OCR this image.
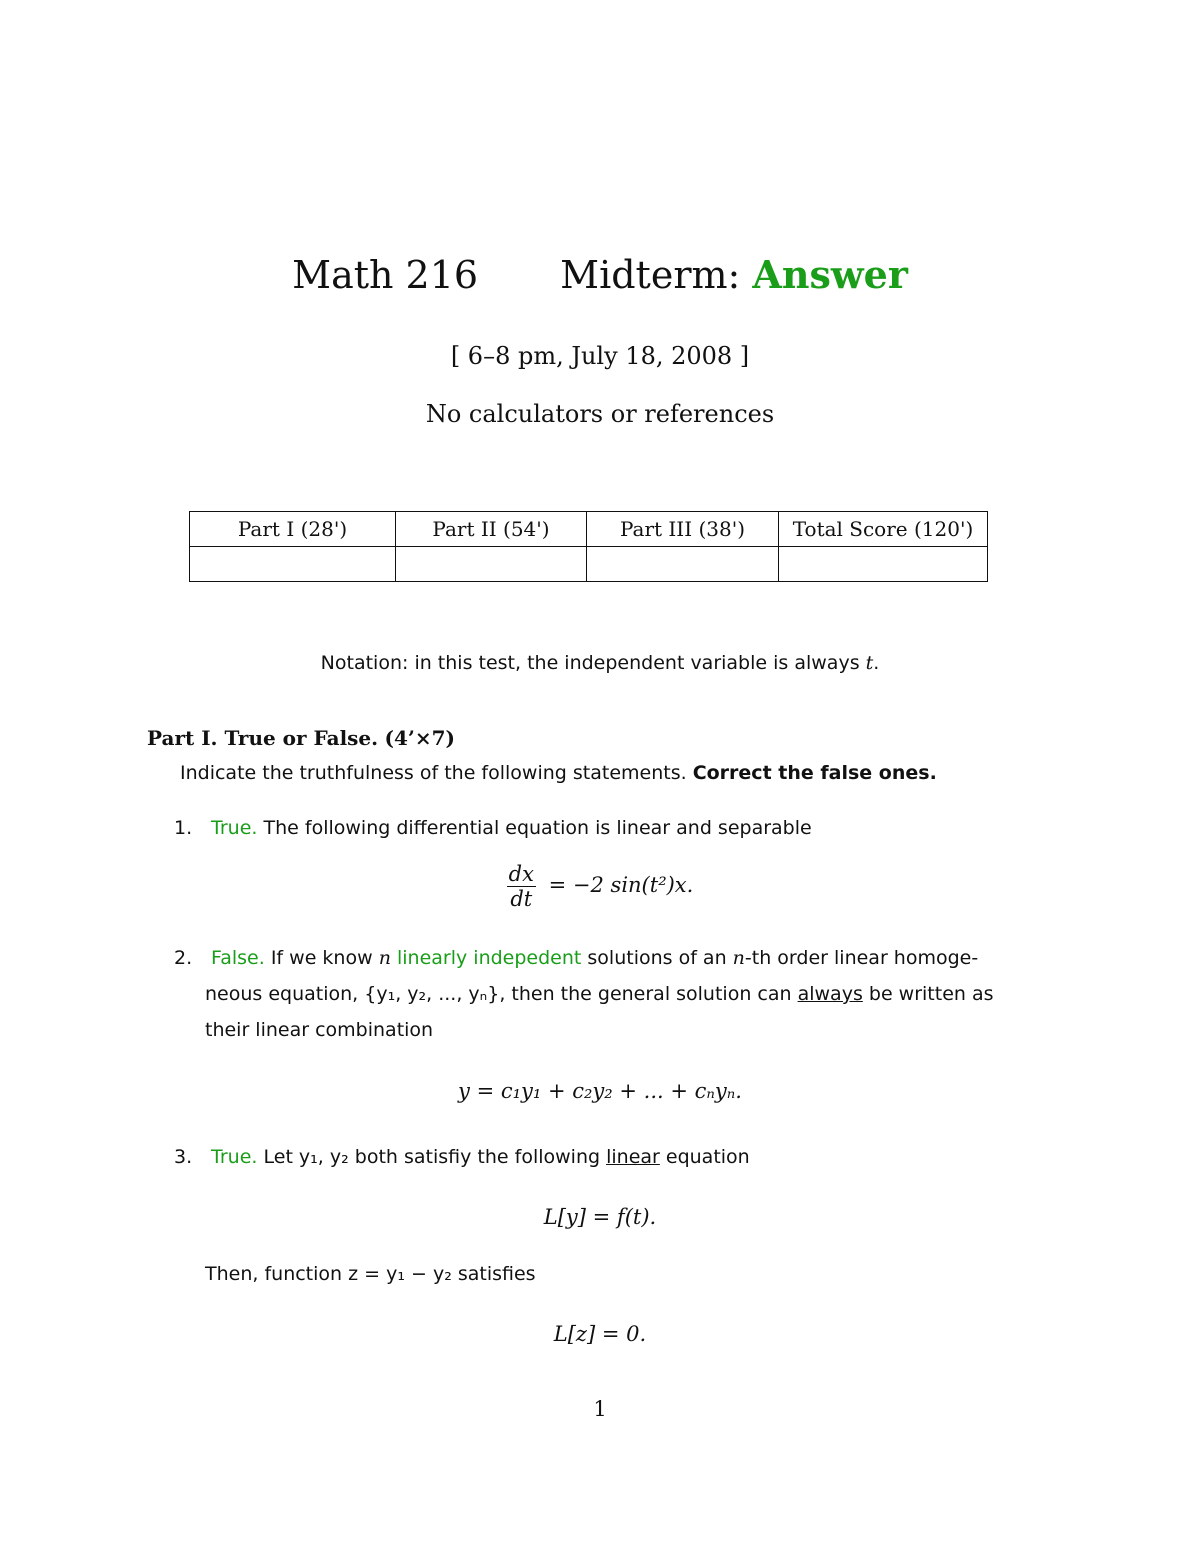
Math 216 Midterm: Answer
[ 6–8 pm, July 18, 2008 ]
No calculators or references
Part I (28')	Part II (54')	Part III (38')	Total Score (120')

Notation: in this test, the independent variable is always t.
Part I. True or False. (4’×7)
Indicate the truthfulness of the following statements. Correct the false ones.
1. True. The following differential equation is linear and separable
$\frac{dx}{dt} = -2$ sin(t²)x.
2. False. If we know n linearly indepedent solutions of an n-th order linear homoge-
neous equation, {y₁, y₂, ..., yₙ}, then the general solution can always be written as
their linear combination
y = c₁y₁ + c₂y₂ + ... + cₙyₙ.
3. True. Let y₁, y₂ both satisfiy the following linear equation
L[y] = f(t).
Then, function z = y₁ − y₂ satisfies
L[z] = 0.
1
